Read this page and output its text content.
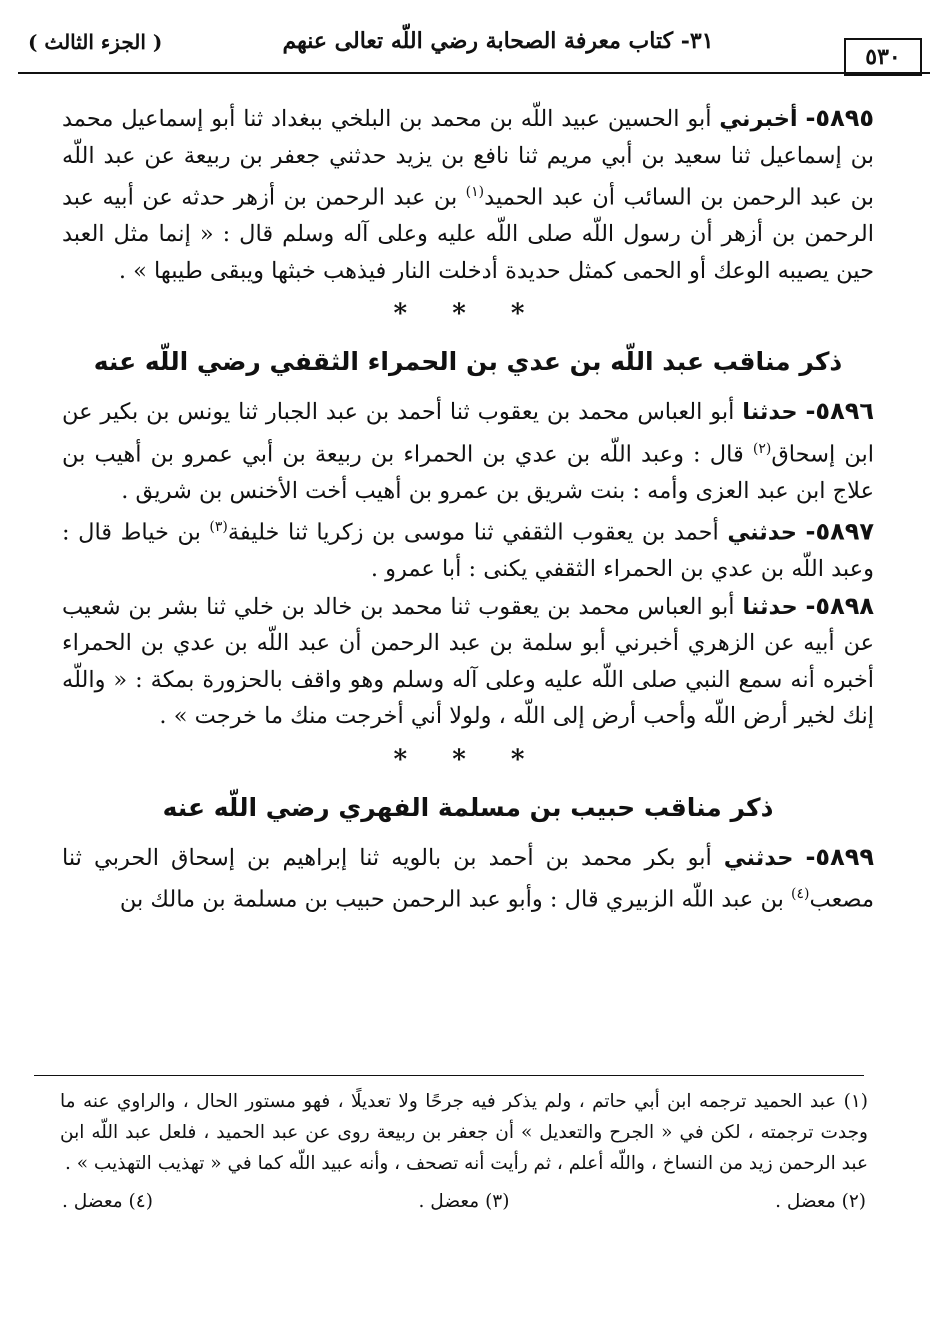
( الجزء الثالث )	٣١- كتاب معرفة الصحابة رضي اللّه تعالى عنهم
٥٣٠

٥٨٩٥- أخبرني أبو الحسين عبيد اللّه بن محمد بن البلخي ببغداد ثنا أبو إسماعيل محمد بن إسماعيل ثنا سعيد بن أبي مريم ثنا نافع بن يزيد حدثني جعفر بن ربيعة عن عبد اللّه بن عبد الرحمن بن السائب أن عبد الحميد$^{(١)}$ بن عبد الرحمن بن أزهر حدثه عن أبيه عبد الرحمن بن أزهر أن رسول اللّه صلى اللّه عليه وعلى آله وسلم قال : « إنما مثل العبد حين يصيبه الوعك أو الحمى كمثل حديدة أدخلت النار فيذهب خبثها ويبقى طيبها » .

* * *
ذكر مناقب عبد اللّه بن عدي بن الحمراء الثقفي رضي اللّه عنه

٥٨٩٦- حدثنا أبو العباس محمد بن يعقوب ثنا أحمد بن عبد الجبار ثنا يونس بن بكير عن ابن إسحاق$^{(٢)}$ قال : وعبد اللّه بن عدي بن الحمراء بن ربيعة بن أبي عمرو بن أهيب بن علاج ابن عبد العزى وأمه : بنت شريق بن عمرو بن أهيب أخت الأخنس بن شريق .

٥٨٩٧- حدثني أحمد بن يعقوب الثقفي ثنا موسى بن زكريا ثنا خليفة$^{(٣)}$ بن خياط قال : وعبد اللّه بن عدي بن الحمراء الثقفي يكنى : أبا عمرو .

٥٨٩٨- حدثنا أبو العباس محمد بن يعقوب ثنا محمد بن خالد بن خلي ثنا بشر بن شعيب عن أبيه عن الزهري أخبرني أبو سلمة بن عبد الرحمن أن عبد اللّه بن عدي بن الحمراء أخبره أنه سمع النبي صلى اللّه عليه وعلى آله وسلم وهو واقف بالحزورة بمكة : « واللّه إنك لخير أرض اللّه وأحب أرض إلى اللّه ، ولولا أني أخرجت منك ما خرجت » .

* * *
ذكر مناقب حبيب بن مسلمة الفهري رضي اللّه عنه

٥٨٩٩- حدثني أبو بكر محمد بن أحمد بن بالويه ثنا إبراهيم بن إسحاق الحربي ثنا مصعب$^{(٤)}$ بن عبد اللّه الزبيري قال : وأبو عبد الرحمن حبيب بن مسلمة بن مالك بن

(١) عبد الحميد ترجمه ابن أبي حاتم ، ولم يذكر فيه جرحًا ولا تعديلًا ، فهو مستور الحال ، والراوي عنه ما وجدت ترجمته ، لكن في « الجرح والتعديل » أن جعفر بن ربيعة روى عن عبد الحميد ، فلعل عبد اللّه ابن عبد الرحمن زيد من النساخ ، واللّه أعلم ، ثم رأيت أنه تصحف ، وأنه عبيد اللّه كما في « تهذيب التهذيب » .

(٢) معضل .
(٣) معضل .
(٤) معضل .
